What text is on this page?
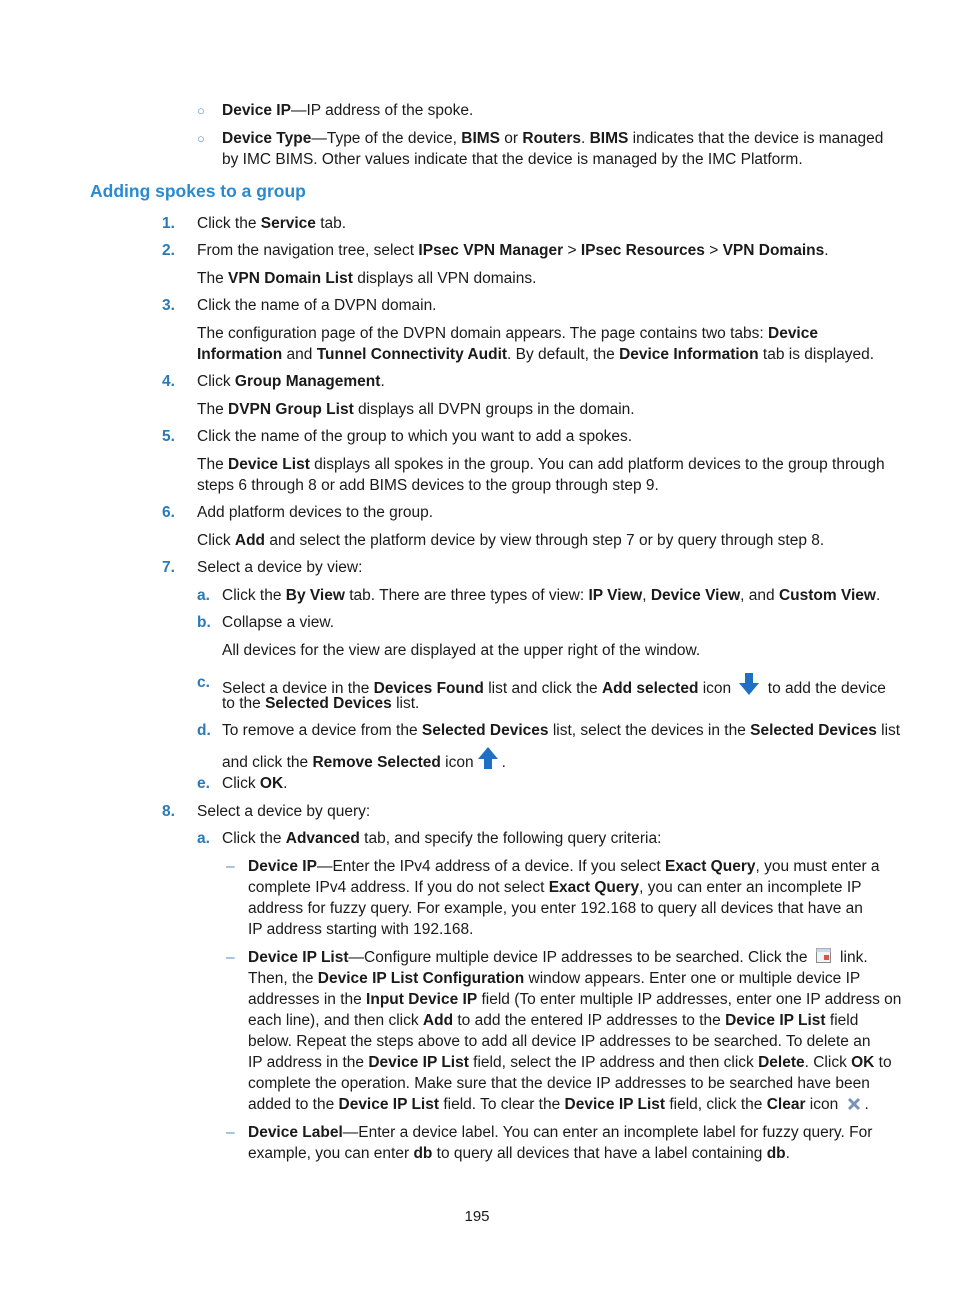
○ Device IP—IP address of the spoke.
○ Device Type—Type of the device, BIMS or Routers. BIMS indicates that the device is managed
by IMC BIMS. Other values indicate that the device is managed by the IMC Platform.
Adding spokes to a group
1.
2.
3.
4.
5.
6.
7.
a.
b.
c.
d.
e.
8.
a.
–
–
–
Click the Service tab.
From the navigation tree, select IPsec VPN Manager > IPsec Resources > VPN Domains.
The VPN Domain List displays all VPN domains.
Click the name of a DVPN domain.
The configuration page of the DVPN domain appears. The page contains two tabs: Device
Information and Tunnel Connectivity Audit. By default, the Device Information tab is displayed.
Click Group Management.
The DVPN Group List displays all DVPN groups in the domain.
Click the name of the group to which you want to add a spokes.
The Device List displays all spokes in the group. You can add platform devices to the group through
steps 6 through 8 or add BIMS devices to the group through step 9.
Add platform devices to the group.
Click Add and select the platform device by view through step 7 or by query through step 8.
Select a device by view:
Click the By View tab. There are three types of view: IP View, Device View, and Custom View.
Collapse a view.
All devices for the view are displayed at the upper right of the window.
Select a device in the Devices Found list and click the Add selected icon  to add the device
to the Selected Devices list.
To remove a device from the Selected Devices list, select the devices in the Selected Devices list
and click the Remove Selected icon .
Click OK.
Select a device by query:
Click the Advanced tab, and specify the following query criteria:
Device IP—Enter the IPv4 address of a device. If you select Exact Query, you must enter a
complete IPv4 address. If you do not select Exact Query, you can enter an incomplete IP
address for fuzzy query. For example, you enter 192.168 to query all devices that have an
IP address starting with 192.168.
Device IP List—Configure multiple device IP addresses to be searched. Click the  link.
Then, the Device IP List Configuration window appears. Enter one or multiple device IP
addresses in the Input Device IP field (To enter multiple IP addresses, enter one IP address on
each line), and then click Add to add the entered IP addresses to the Device IP List field
below. Repeat the steps above to add all device IP addresses to be searched. To delete an
IP address in the Device IP List field, select the IP address and then click Delete. Click OK to
complete the operation. Make sure that the device IP addresses to be searched have been
added to the Device IP List field. To clear the Device IP List field, click the Clear icon .
Device Label—Enter a device label. You can enter an incomplete label for fuzzy query. For
example, you can enter db to query all devices that have a label containing db.
195
